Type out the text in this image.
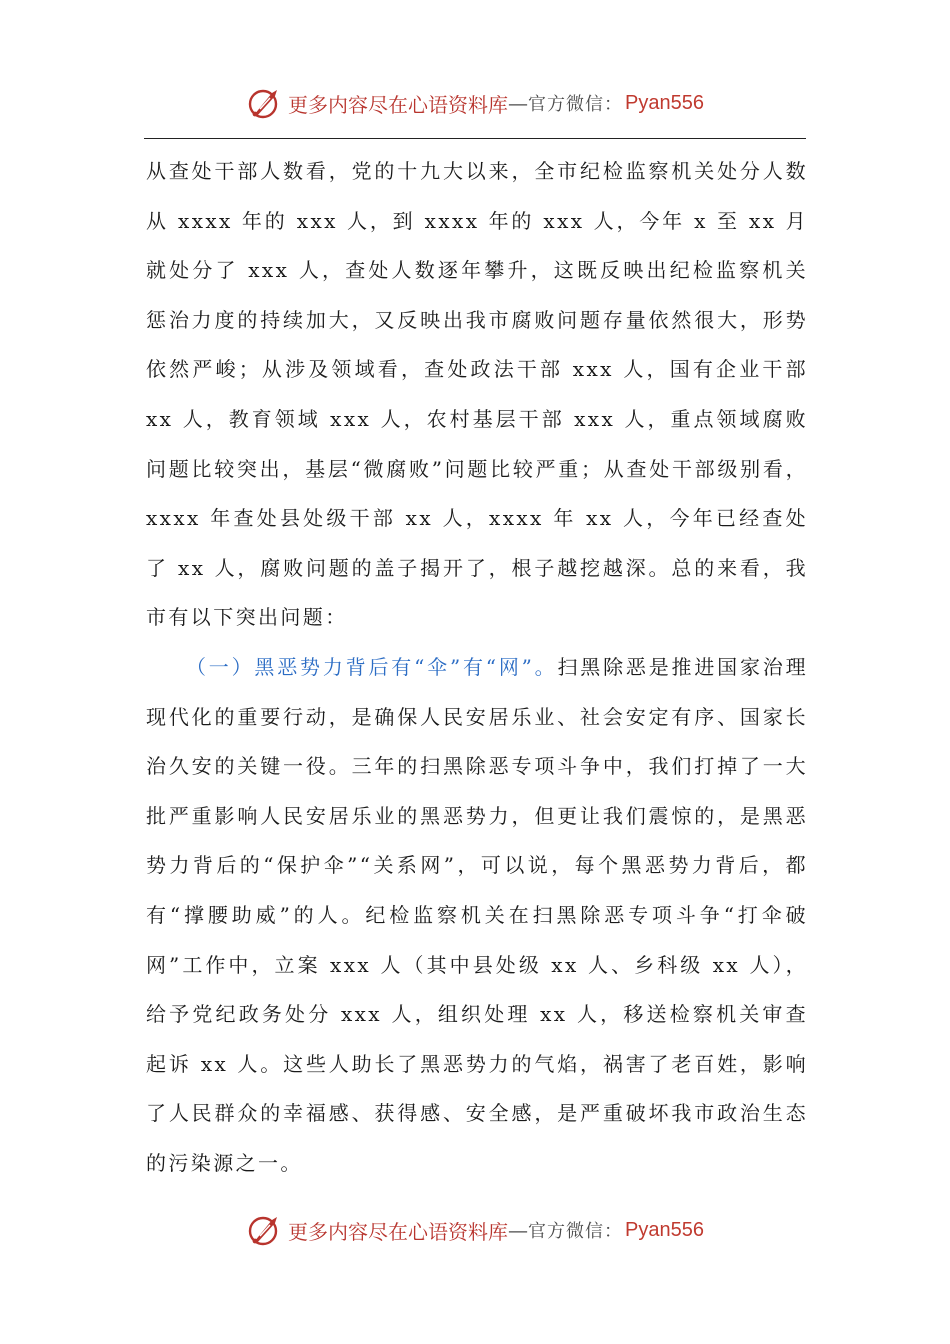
更多内容尽在心语资料库 — 官方微信： Pyan556

从查处干部人数看，党的十九大以来，全市纪检监察机关处分人数从 xxxx 年的 xxx 人，到 xxxx 年的 xxx 人，今年 x 至 xx 月就处分了 xxx 人，查处人数逐年攀升，这既反映出纪检监察机关惩治力度的持续加大，又反映出我市腐败问题存量依然很大，形势依然严峻；从涉及领域看，查处政法干部 xxx 人，国有企业干部 xx 人，教育领域 xxx 人，农村基层干部 xxx 人，重点领域腐败问题比较突出，基层“微腐败”问题比较严重；从查处干部级别看，xxxx 年查处县处级干部 xx 人，xxxx 年 xx 人，今年已经查处了 xx 人，腐败问题的盖子揭开了，根子越挖越深。总的来看，我市有以下突出问题：

（一）黑恶势力背后有“伞”有“网”。扫黑除恶是推进国家治理现代化的重要行动，是确保人民安居乐业、社会安定有序、国家长治久安的关键一役。三年的扫黑除恶专项斗争中，我们打掉了一大批严重影响人民安居乐业的黑恶势力，但更让我们震惊的，是黑恶势力背后的“保护伞”“关系网”，可以说，每个黑恶势力背后，都有“撑腰助威”的人。纪检监察机关在扫黑除恶专项斗争“打伞破网”工作中，立案 xxx 人（其中县处级 xx 人、乡科级 xx 人），给予党纪政务处分 xxx 人，组织处理 xx 人，移送检察机关审查起诉 xx 人。这些人助长了黑恶势力的气焰，祸害了老百姓，影响了人民群众的幸福感、获得感、安全感，是严重破坏我市政治生态的污染源之一。

更多内容尽在心语资料库 — 官方微信： Pyan556
